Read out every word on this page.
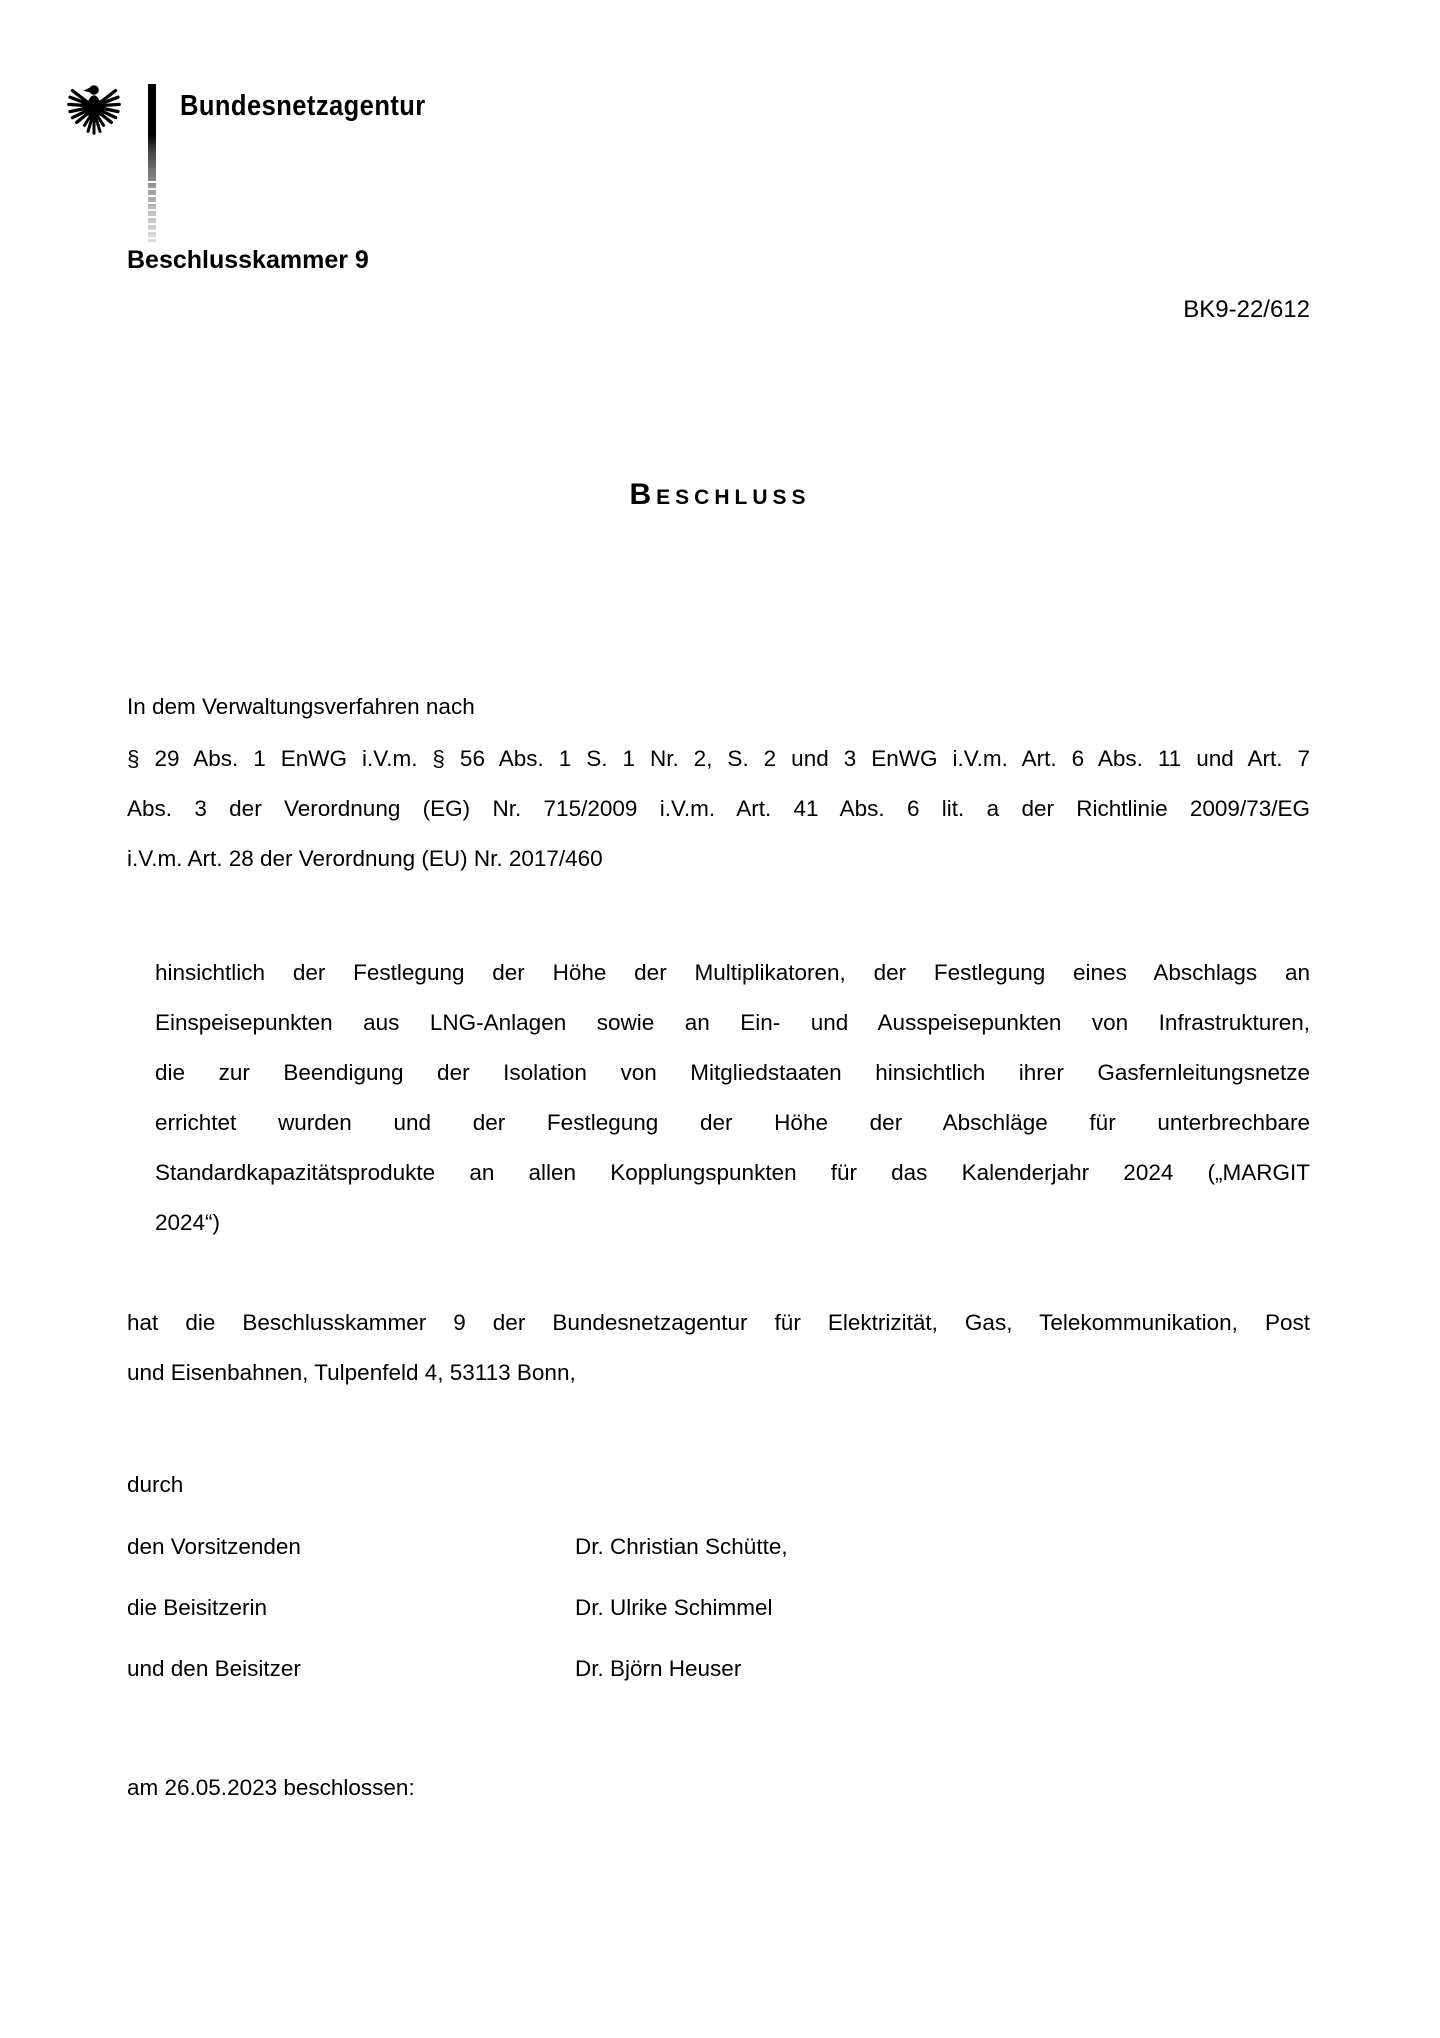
Bundesnetzagentur
Beschlusskammer 9
BK9-22/612
Beschluss

In dem Verwaltungsverfahren nach

§ 29 Abs. 1 EnWG i.V.m. § 56 Abs. 1 S. 1 Nr. 2, S. 2 und 3 EnWG i.V.m. Art. 6 Abs. 11 und Art. 7
Abs. 3 der Verordnung (EG) Nr. 715/2009 i.V.m. Art. 41 Abs. 6 lit. a der Richtlinie 2009/73/EG
i.V.m. Art. 28 der Verordnung (EU) Nr. 2017/460
hinsichtlich der Festlegung der Höhe der Multiplikatoren, der Festlegung eines Abschlags an
Einspeisepunkten aus LNG-Anlagen sowie an Ein- und Ausspeisepunkten von Infrastrukturen,
die zur Beendigung der Isolation von Mitgliedstaaten hinsichtlich ihrer Gasfernleitungsnetze
errichtet wurden und der Festlegung der Höhe der Abschläge für unterbrechbare
Standardkapazitätsprodukte an allen Kopplungspunkten für das Kalenderjahr 2024 („MARGIT
2024“)
hat die Beschlusskammer 9 der Bundesnetzagentur für Elektrizität, Gas, Telekommunikation, Post
und Eisenbahnen, Tulpenfeld 4, 53113 Bonn,

durch

den Vorsitzenden	Dr. Christian Schütte,
die Beisitzerin	Dr. Ulrike Schimmel
und den Beisitzer	Dr. Björn Heuser

am 26.05.2023 beschlossen:
